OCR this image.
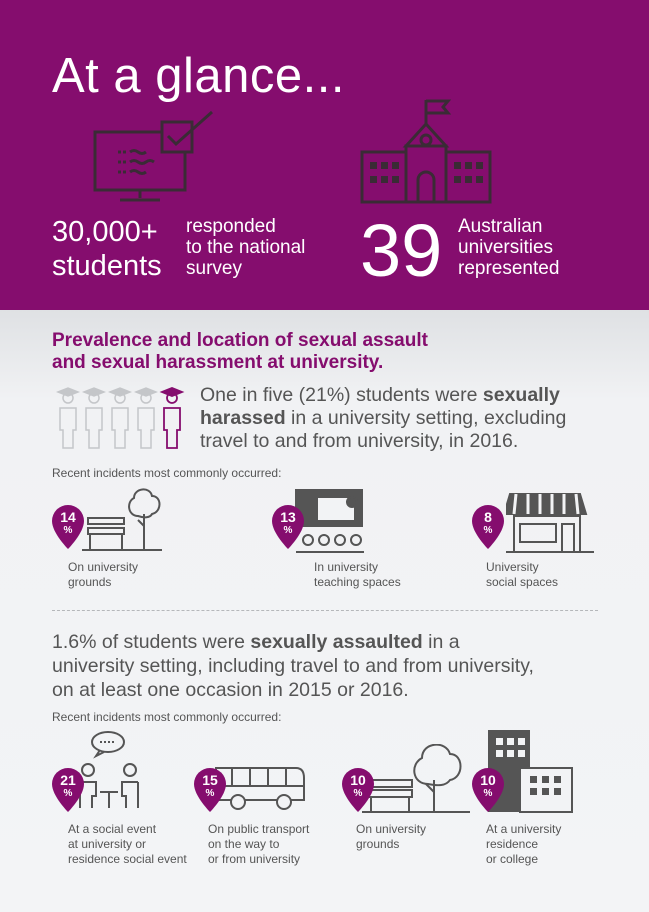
At a glance...
30,000+
students
responded
to the national
survey 39 Australian
universities
represented
Prevalence and location of sexual assault
and sexual harassment at university.
One in five (21%) students were sexually
harassed in a university setting, excluding
travel to and from university, in 2016.
Recent incidents most commonly occurred:
14
%
On university
grounds
13
%
In university
teaching spaces
8
%
University
social spaces
1.6% of students were sexually assaulted in a
university setting, including travel to and from university,
on at least one occasion in 2015 or 2016.
Recent incidents most commonly occurred:
21
%
At a social event
at university or
residence social event
15
%
On public transport
on the way to
or from university
10
%
On university
grounds
10
%
At a university
residence
or college
